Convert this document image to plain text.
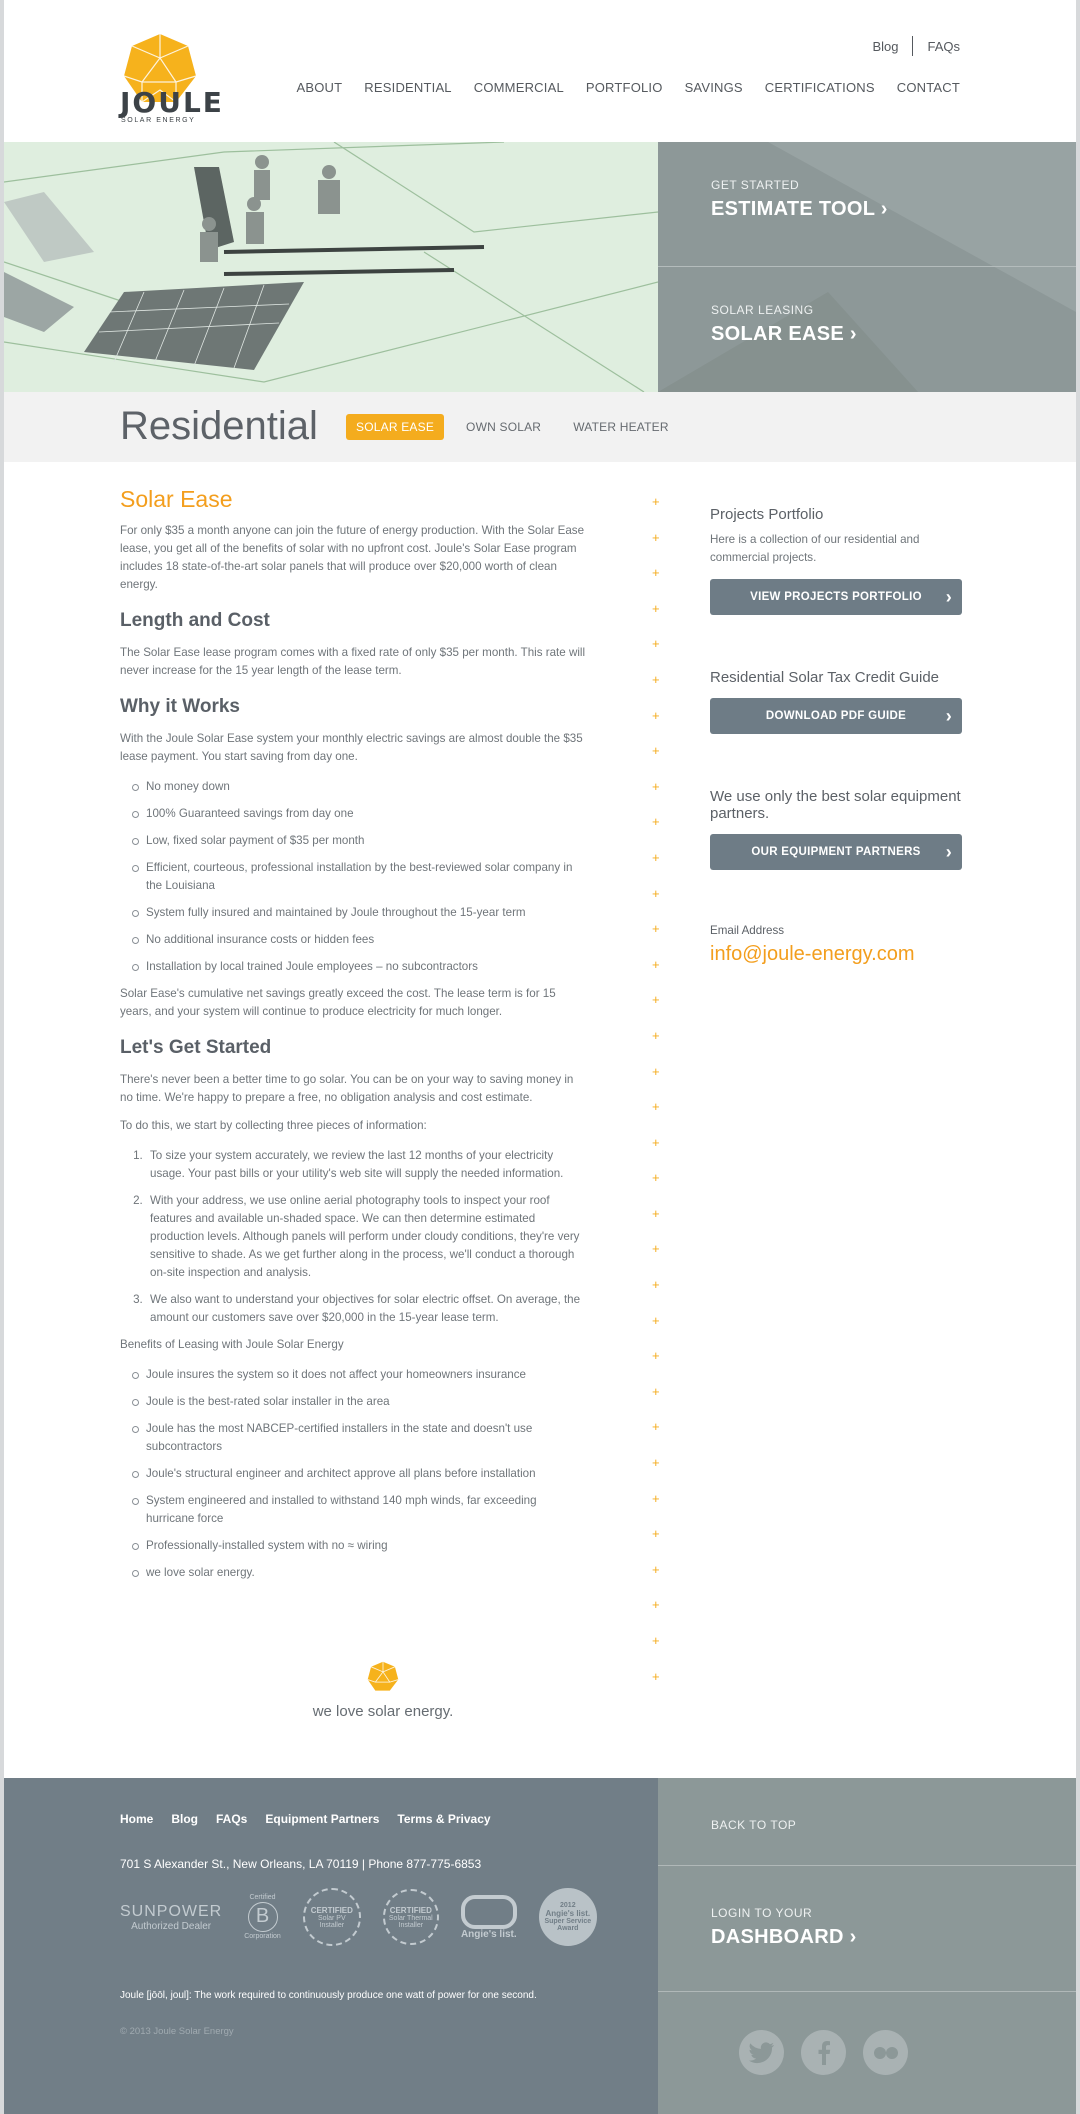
JOULE
SOLAR ENERGY
Blog FAQs
ABOUT RESIDENTIAL COMMERCIAL PORTFOLIO SAVINGS CERTIFICATIONS CONTACT
GET STARTED
ESTIMATE TOOL ›
SOLAR LEASING
SOLAR EASE ›
Residential	SOLAR EASE	OWN SOLAR	WATER HEATER
Solar Ease

For only $35 a month anyone can join the future of energy production. With the Solar Ease lease, you get all of the benefits of solar with no upfront cost. Joule's Solar Ease program includes 18 state-of-the-art solar panels that will produce over $20,000 worth of clean energy.

Length and Cost

The Solar Ease lease program comes with a fixed rate of only $35 per month. This rate will never increase for the 15 year length of the lease term.

Why it Works

With the Joule Solar Ease system your monthly electric savings are almost double the $35 lease payment. You start saving from day one.

No money down
100% Guaranteed savings from day one
Low, fixed solar payment of $35 per month
Efficient, courteous, professional installation by the best-reviewed solar company in the Louisiana
System fully insured and maintained by Joule throughout the 15-year term
No additional insurance costs or hidden fees
Installation by local trained Joule employees – no subcontractors

Solar Ease's cumulative net savings greatly exceed the cost. The lease term is for 15 years, and your system will continue to produce electricity for much longer.

Let's Get Started

There's never been a better time to go solar. You can be on your way to saving money in no time. We're happy to prepare a free, no obligation analysis and cost estimate.

To do this, we start by collecting three pieces of information:

1. To size your system accurately, we review the last 12 months of your electricity usage. Your past bills or your utility's web site will supply the needed information.
2. With your address, we use online aerial photography tools to inspect your roof features and available un-shaded space. We can then determine estimated production levels. Although panels will perform under cloudy conditions, they're very sensitive to shade. As we get further along in the process, we'll conduct a thorough on-site inspection and analysis.
3. We also want to understand your objectives for solar electric offset. On average, the amount our customers save over $20,000 in the 15-year lease term.

Benefits of Leasing with Joule Solar Energy

Joule insures the system so it does not affect your homeowners insurance
Joule is the best-rated solar installer in the area
Joule has the most NABCEP-certified installers in the state and doesn't use subcontractors
Joule's structural engineer and architect approve all plans before installation
System engineered and installed to withstand 140 mph winds, far exceeding hurricane force
Professionally-installed system with no ≈ wiring
we love solar energy.
+
+
+
+
+
+
+
+
+
+
+
+
+
+
+
+
+
+
+
+
+
+
+
+
+
+
+
+
+
+
+
+
+
+
we love solar energy.
Projects Portfolio

Here is a collection of our residential and commercial projects.

VIEW PROJECTS PORTFOLIO ›
Residential Solar Tax Credit Guide
DOWNLOAD PDF GUIDE ›
We use only the best solar equipment partners.
OUR EQUIPMENT PARTNERS ›
Email Address
info@joule-energy.com
Home Blog FAQs Equipment Partners Terms & Privacy
701 S Alexander St., New Orleans, LA 70119 | Phone 877-775-6853
SUNPOWER
Authorized Dealer
Certified
B
Corporation
CERTIFIED
Solar PV Installer
CERTIFIED
Solar Thermal Installer
Angie's list.
2012
Angie's list.
Super Service Award
Joule [jōōl, joul]: The work required to continuously produce one watt of power for one second.
© 2013 Joule Solar Energy
BACK TO TOP
LOGIN TO YOUR
DASHBOARD ›
